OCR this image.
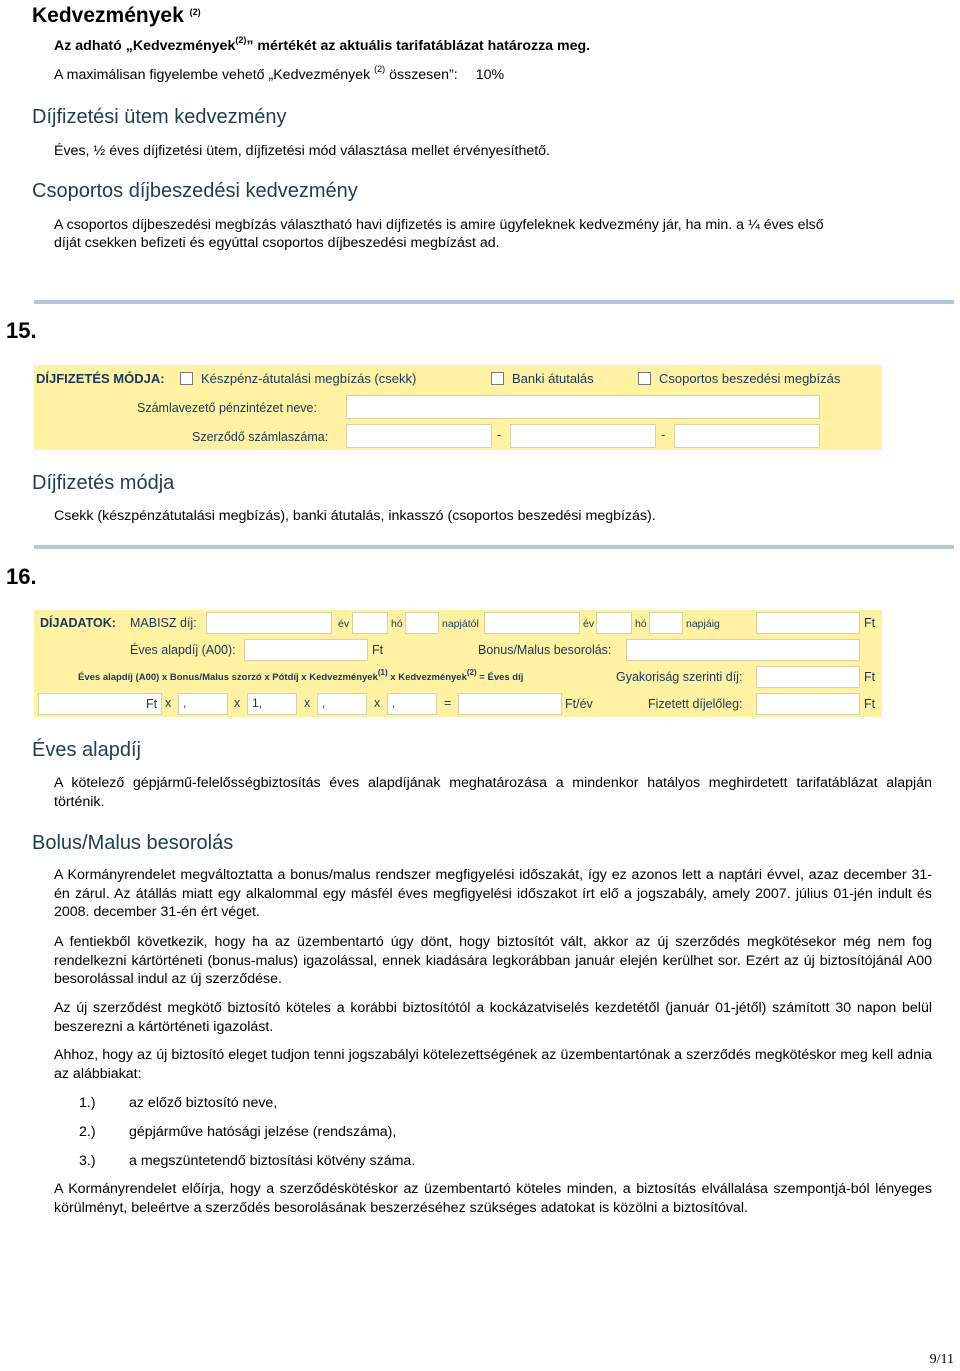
Kedvezmények $^{(2)}$
Az adható „Kedvezmények$^{(2)}$” mértékét az aktuális tarifatáblázat határozza meg.
A maximálisan figyelembe vehető „Kedvezmények $^{(2)}$ összesen”: 10%
Díjfizetési ütem kedvezmény
Éves, ½ éves díjfizetési ütem, díjfizetési mód választása mellet érvényesíthető.
Csoportos díjbeszedési kedvezmény
A csoportos díjbeszedési megbízás választható havi díjfizetés is amire ügyfeleknek kedvezmény jár, ha min. a ¼ éves első
díját csekken befizeti és egyúttal csoportos díjbeszedési megbízást ad.
15.
DÍJFIZETÉS MÓDJA:	Készpénz-átutalási megbízás (csekk)	Banki átutalás	Csoportos beszedési megbízás
Számlavezető pénzintézet neve:
Szerződő számlaszáma:	-	-
Díjfizetés módja
Csekk (készpénzátutalási megbízás), banki átutalás, inkasszó (csoportos beszedési megbízás).
16.
DÍJADATOK: MABISZ díj:	év	hó	napjától	év	hó	napjáig	Ft
Éves alapdíj (A00):	Ft	Bonus/Malus besorolás:
Éves alapdíj (A00) x Bonus/Malus szorzó x Pótdíj x Kedvezmények$^{(1)}$ x Kedvezmények$^{(2)}$ = Éves díj	Gyakoriság szerinti díj:	Ft
Ft x ,	x 1,	x ,	x ,	=	Ft/év	Fizetett díjelőleg:	Ft
Éves alapdíj
A kötelező gépjármű-felelősségbiztosítás éves alapdíjának meghatározása a mindenkor hatályos meghirdetett tarifatáblázat alapján történik.
Bolus/Malus besorolás
A Kormányrendelet megváltoztatta a bonus/malus rendszer megfigyelési időszakát, így ez azonos lett a naptári évvel, azaz december 31-én zárul. Az átállás miatt egy alkalommal egy másfél éves megfigyelési időszakot írt elő a jogszabály, amely 2007. július 01-jén indult és 2008. december 31-én ért véget.
A fentiekből következik, hogy ha az üzembentartó úgy dönt, hogy biztosítót vált, akkor az új szerződés megkötésekor még nem fog rendelkezni kártörténeti (bonus-malus) igazolással, ennek kiadására legkorábban január elején kerülhet sor. Ezért az új biztosítójánál A00 besorolással indul az új szerződése.
Az új szerződést megkötő biztosító köteles a korábbi biztosítótól a kockázatviselés kezdetétől (január 01-jétől) számított 30 napon belül beszerezni a kártörténeti igazolást.
Ahhoz, hogy az új biztosító eleget tudjon tenni jogszabályi kötelezettségének az üzembentartónak a szerződés megkötéskor meg kell adnia az alábbiakat:
1.) az előző biztosító neve,
2.) gépjárműve hatósági jelzése (rendszáma),
3.) a megszüntetendő biztosítási kötvény száma.
A Kormányrendelet előírja, hogy a szerződéskötéskor az üzembentartó köteles minden, a biztosítás elvállalása szempontjá-ból lényeges körülményt, beleértve a szerződés besorolásának beszerzéséhez szükséges adatokat is közölni a biztosítóval.
9/11
